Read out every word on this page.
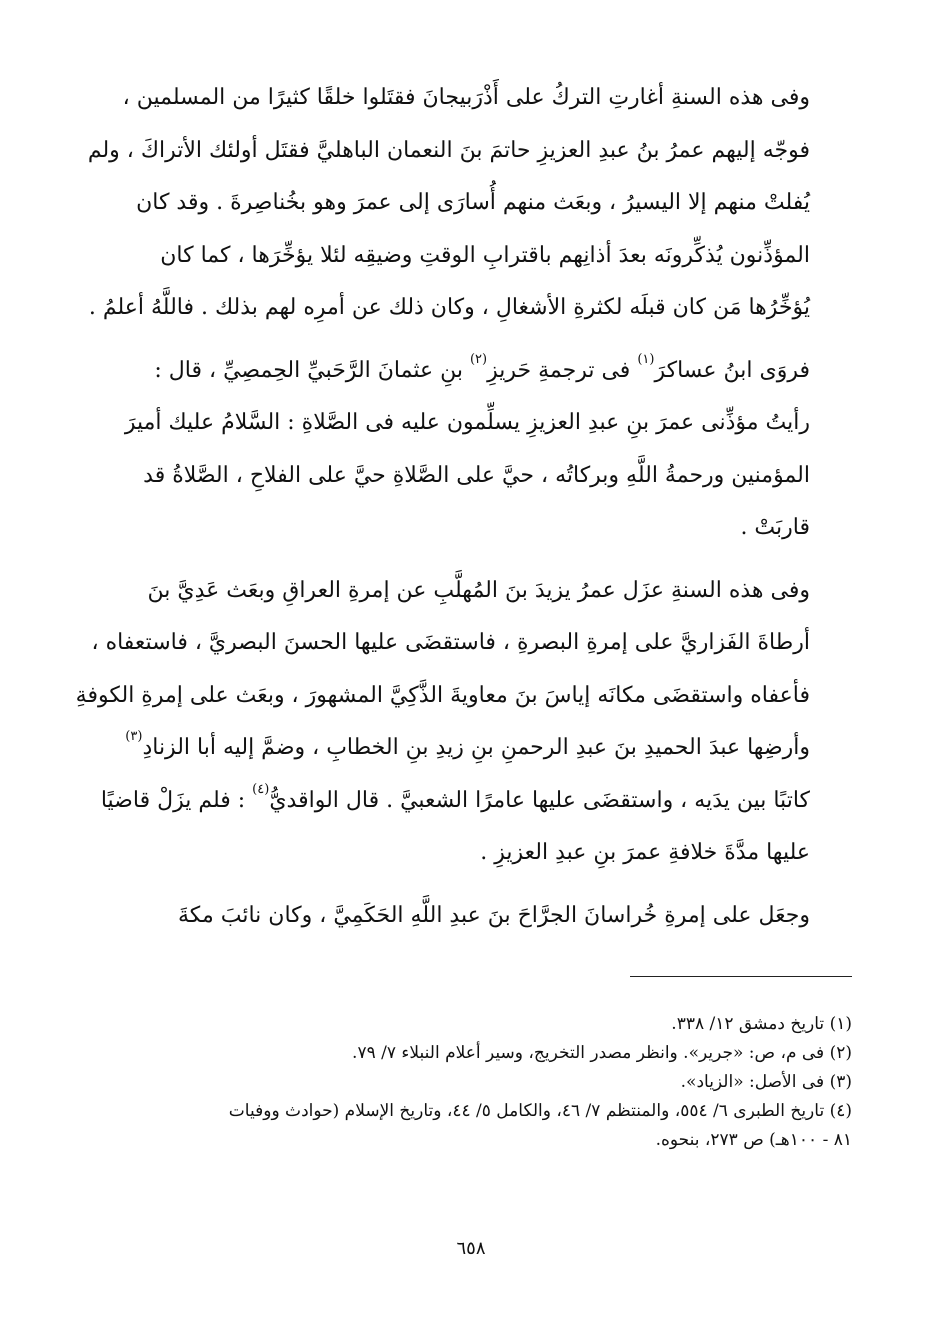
وفى هذه السنةِ أغارتِ التركُ على أَذْرَبيجانَ فقتَلوا خلقًا كثيرًا من المسلمين ،
فوجّه إليهم عمرُ بنُ عبدِ العزيزِ حاتمَ بنَ النعمان الباهليَّ فقتَل أولئك الأتراكَ ، ولم
يُفلتْ منهم إلا اليسيرُ ، وبعَث منهم أُسارَى إلى عمرَ وهو بخُناصِرةَ . وقد كان
المؤذِّنون يُذكِّرونَه بعدَ أذانِهم باقترابِ الوقتِ وضيقِه لئلا يؤخِّرَها ، كما كان
يُؤخِّرُها مَن كان قبلَه لكثرةِ الأشغالِ ، وكان ذلك عن أمرِه لهم بذلك . فاللَّهُ أعلمُ .

فروَى ابنُ عساكرَ$^{(١)}$ فى ترجمةِ حَريزِ$^{(٢)}$ بنِ عثمانَ الرَّحَبيِّ الحِمصِيِّ ، قال :
رأيتُ مؤذِّنى عمرَ بنِ عبدِ العزيزِ يسلِّمون عليه فى الصَّلاةِ : السَّلامُ عليك أميرَ
المؤمنين ورحمةُ اللَّهِ وبركاتُه ، حيَّ على الصَّلاةِ حيَّ على الفلاحِ ، الصَّلاةُ قد
قاربَتْ .

وفى هذه السنةِ عزَل عمرُ يزيدَ بنَ المُهلَّبِ عن إمرةِ العراقِ وبعَث عَدِيَّ بنَ
أرطاةَ الفَزاريَّ على إمرةِ البصرةِ ، فاستقضَى عليها الحسنَ البصريَّ ، فاستعفاه ،
فأعفاه واستقضَى مكانَه إياسَ بنَ معاويةَ الذَّكِيَّ المشهورَ ، وبعَث على إمرةِ الكوفةِ
وأرضِها عبدَ الحميدِ بنَ عبدِ الرحمنِ بنِ زيدِ بنِ الخطابِ ، وضمَّ إليه أبا الزنادِ$^{(٣)}$
كاتبًا بين يدَيه ، واستقضَى عليها عامرًا الشعبيَّ . قال الواقديُّ$^{(٤)}$ : فلم يزَلْ قاضيًا
عليها مدَّةَ خلافةِ عمرَ بنِ عبدِ العزيزِ .

وجعَل على إمرةِ خُراسانَ الجرَّاحَ بنَ عبدِ اللَّهِ الحَكَمِيَّ ، وكان نائبَ مكةَ

(١) تاريخ دمشق ١٢/ ٣٣٨.
(٢) فى م، ص: «جرير». وانظر مصدر التخريج، وسير أعلام النبلاء ٧/ ٧٩.
(٣) فى الأصل: «الزياد».
(٤) تاريخ الطبرى ٦/ ٥٥٤، والمنتظم ٧/ ٤٦، والكامل ٥/ ٤٤، وتاريخ الإسلام (حوادث ووفيات
٨١ - ١٠٠هـ) ص ٢٧٣، بنحوه.
٦٥٨
